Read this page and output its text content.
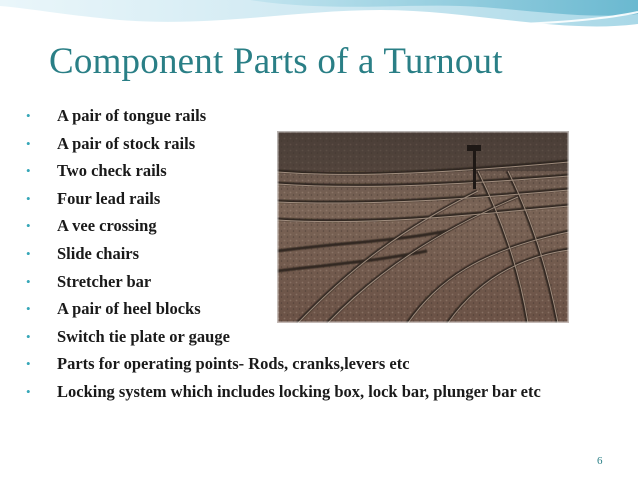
Component Parts of a Turnout
• A pair of tongue rails
• A pair of stock rails
• Two check rails
• Four lead rails
• A vee crossing
• Slide chairs
• Stretcher bar
• A pair of heel blocks
• Switch tie plate or gauge
• Parts for operating points- Rods, cranks,levers etc
• Locking system which includes locking box, lock bar, plunger bar etc
6
